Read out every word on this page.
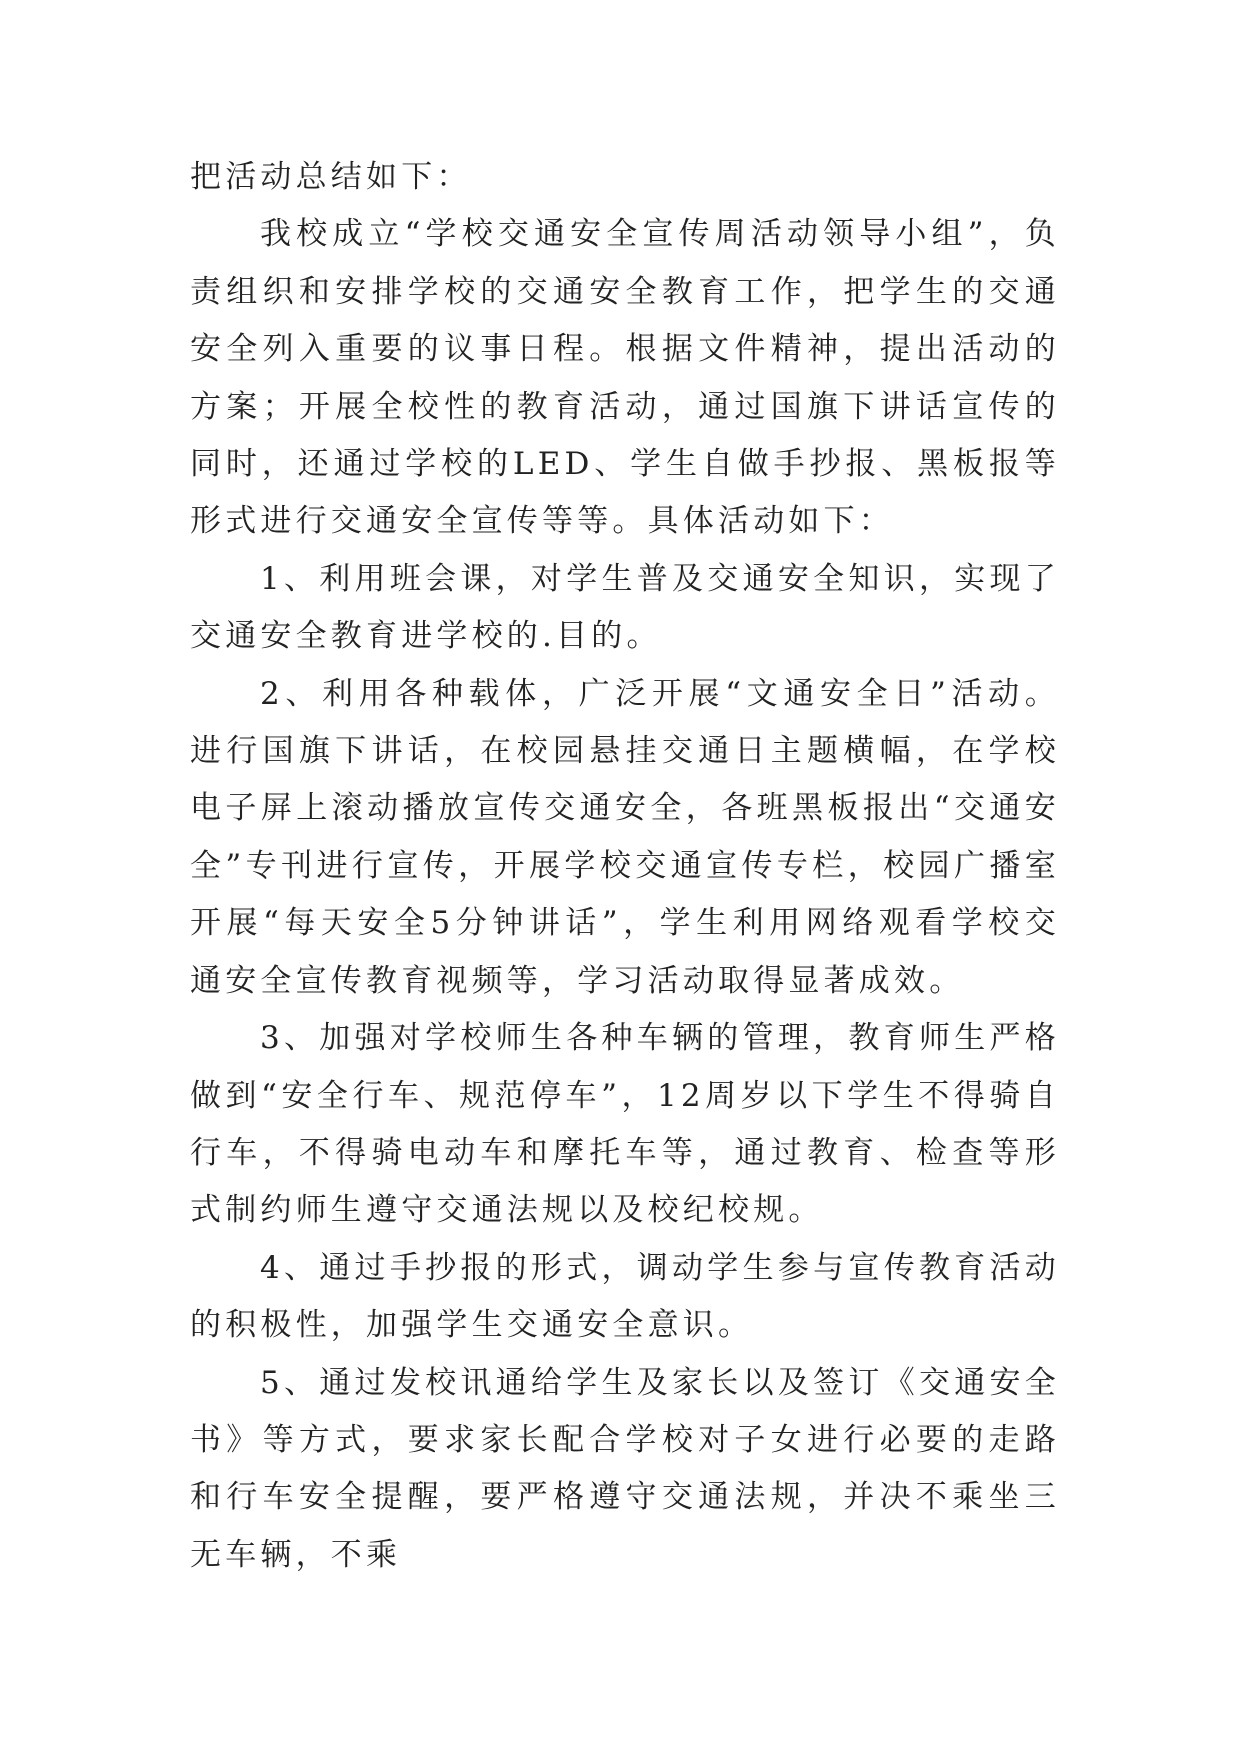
把活动总结如下：

我校成立“学校交通安全宣传周活动领导小组”，负责组织和安排学校的交通安全教育工作，把学生的交通安全列入重要的议事日程。根据文件精神，提出活动的方案；开展全校性的教育活动，通过国旗下讲话宣传的同时，还通过学校的LED、学生自做手抄报、黑板报等形式进行交通安全宣传等等。具体活动如下：

1、利用班会课，对学生普及交通安全知识，实现了交通安全教育进学校的.目的。

2、利用各种载体，广泛开展“文通安全日”活动。进行国旗下讲话，在校园悬挂交通日主题横幅，在学校电子屏上滚动播放宣传交通安全，各班黑板报出“交通安全”专刊进行宣传，开展学校交通宣传专栏，校园广播室开展“每天安全5分钟讲话”，学生利用网络观看学校交通安全宣传教育视频等，学习活动取得显著成效。

3、加强对学校师生各种车辆的管理，教育师生严格做到“安全行车、规范停车”，12周岁以下学生不得骑自行车，不得骑电动车和摩托车等，通过教育、检查等形式制约师生遵守交通法规以及校纪校规。

4、通过手抄报的形式，调动学生参与宣传教育活动的积极性，加强学生交通安全意识。

5、通过发校讯通给学生及家长以及签订《交通安全书》等方式，要求家长配合学校对子女进行必要的走路和行车安全提醒，要严格遵守交通法规，并决不乘坐三无车辆，不乘
